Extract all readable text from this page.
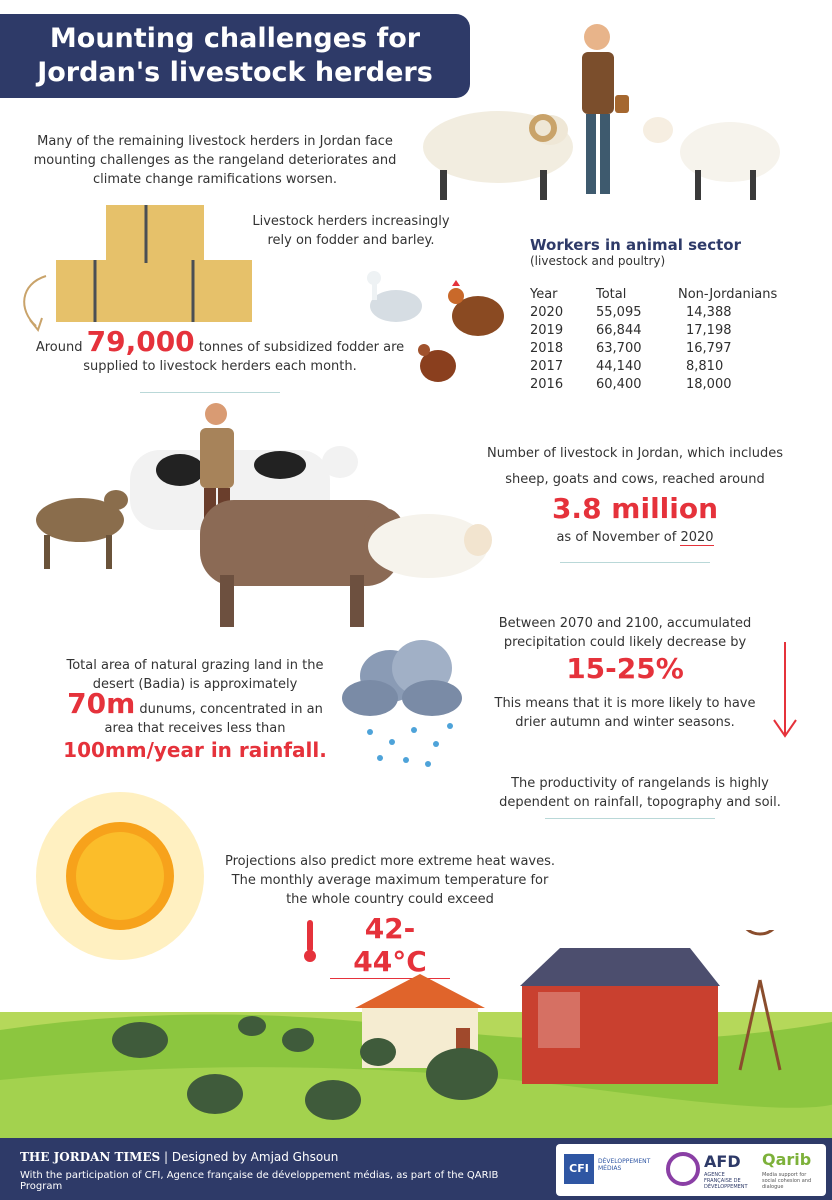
Mounting challenges for
Jordan's livestock herders
Many of the remaining livestock herders in Jordan face mounting challenges as the rangeland deteriorates and climate change ramifications worsen.
Livestock herders increasingly rely on fodder and barley.
Around 79,000 tonnes of subsidized fodder are supplied to livestock herders each month.
Workers in animal sector
(livestock and poultry)
Year	Total	Non-Jordanians
2020	55,095	14,388
2019	66,844	17,198
2018	63,700	16,797
2017	44,140	8,810
2016	60,400	18,000
Number of livestock in Jordan, which includes
sheep, goats and cows, reached around
3.8 million
as of November of 2020
Between 2070 and 2100, accumulated precipitation could likely decrease by
15-25%
This means that it is more likely to have drier autumn and winter seasons.
Total area of natural grazing land in the desert (Badia) is approximately
70m dunums, concentrated in an area that receives less than
100mm/year in rainfall.
The productivity of rangelands is highly dependent on rainfall, topography and soil.
Projections also predict more extreme heat waves. The monthly average maximum temperature for the whole country could exceed
42-44°C
THE JORDAN TIMES | Designed by Amjad Ghsoun
With the participation of CFI, Agence française de développement médias, as part of the QARIB Program
CFI
DÉVELOPPEMENT MÉDIAS	AFD
AGENCE FRANÇAISE DE DÉVELOPPEMENT
Qarib
Media support for social cohesion and dialogue
